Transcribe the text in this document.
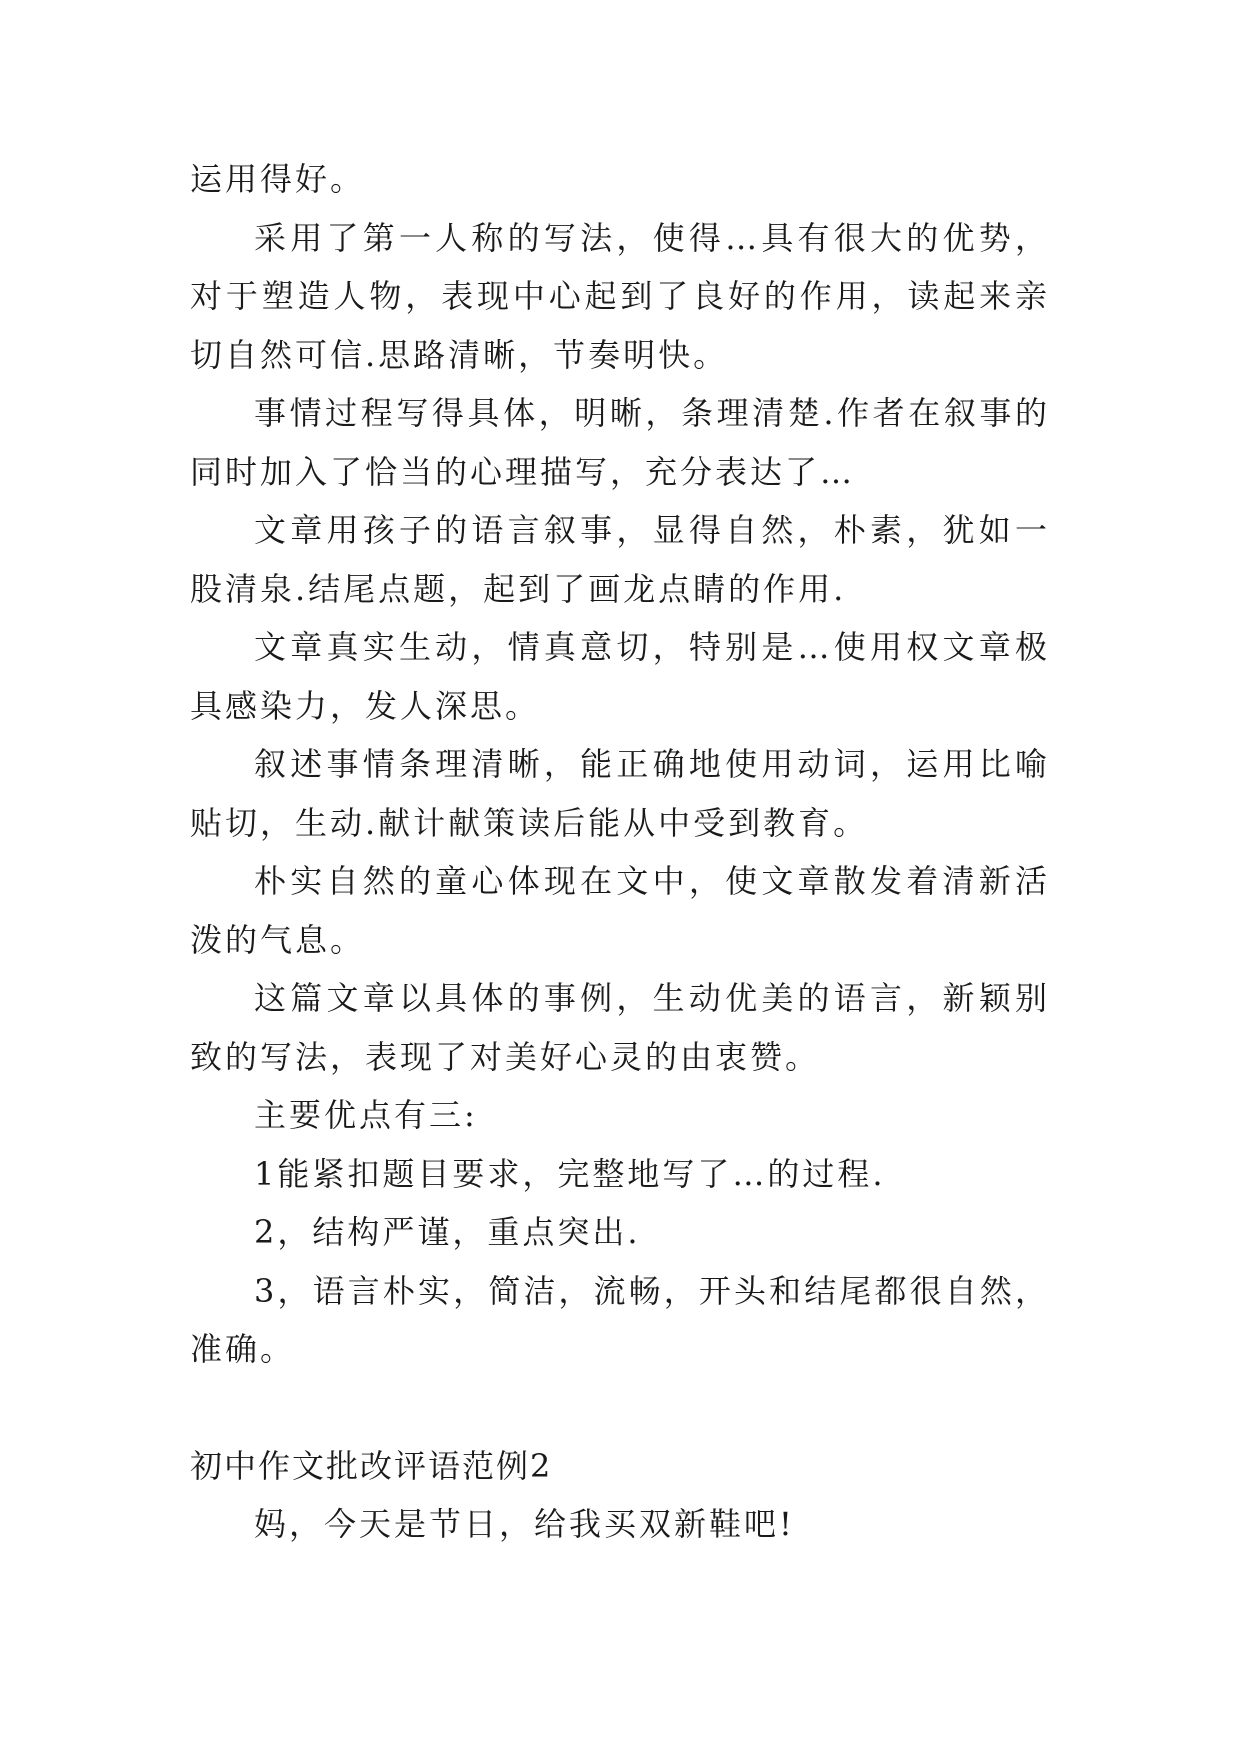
运用得好。

采用了第一人称的写法，使得…具有很大的优势，对于塑造人物，表现中心起到了良好的作用，读起来亲切自然可信.思路清晰，节奏明快。

事情过程写得具体，明晰，条理清楚.作者在叙事的同时加入了恰当的心理描写，充分表达了…

文章用孩子的语言叙事，显得自然，朴素，犹如一股清泉.结尾点题，起到了画龙点睛的作用.

文章真实生动，情真意切，特别是…使用权文章极具感染力，发人深思。

叙述事情条理清晰，能正确地使用动词，运用比喻贴切，生动.献计献策读后能从中受到教育。

朴实自然的童心体现在文中，使文章散发着清新活泼的气息。

这篇文章以具体的事例，生动优美的语言，新颖别致的写法，表现了对美好心灵的由衷赞。

主要优点有三:

1能紧扣题目要求，完整地写了…的过程.

2，结构严谨，重点突出.

3，语言朴实，简洁，流畅，开头和结尾都很自然，准确。

初中作文批改评语范例2

妈，今天是节日，给我买双新鞋吧!
